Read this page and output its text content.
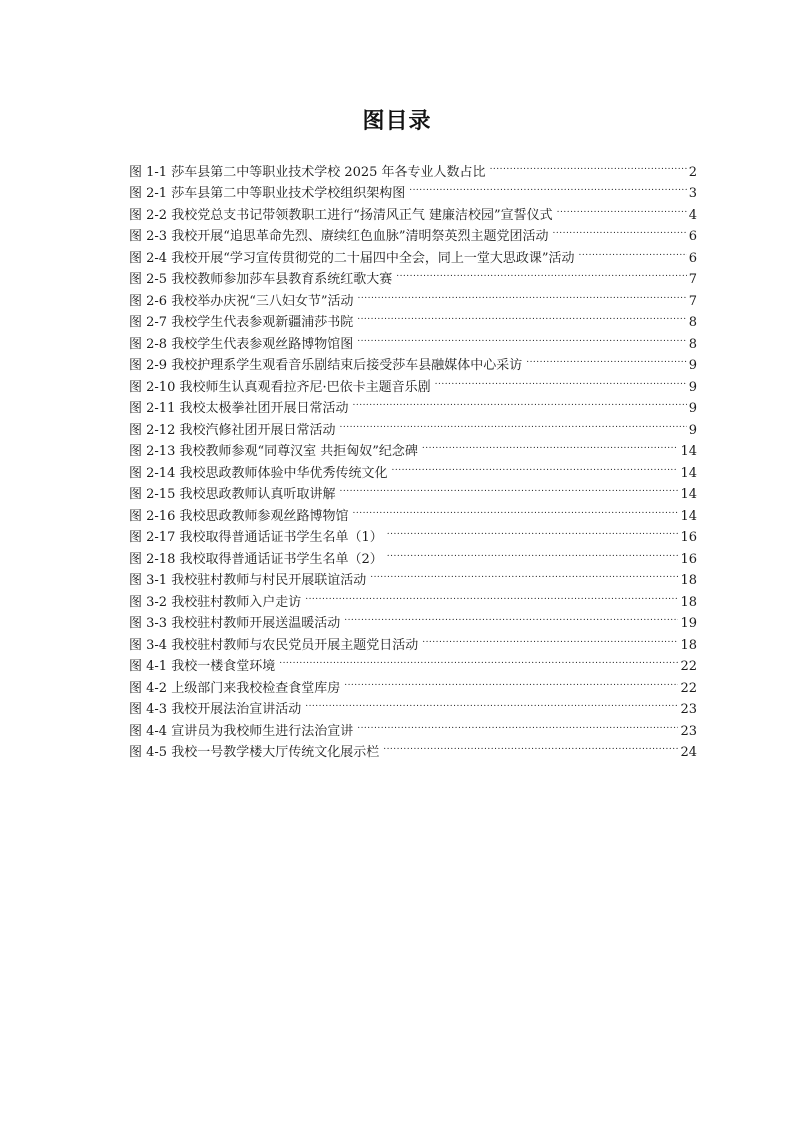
图目录
图 1-1 莎车县第二中等职业技术学校 2025 年各专业人数占比 .....	2
图 2-1 莎车县第二中等职业技术学校组织架构图 .....	3
图 2-2 我校党总支书记带领教职工进行“扬清风正气 建廉洁校园”宣誓仪式 .....	4
图 2-3 我校开展“追思革命先烈、赓续红色血脉”清明祭英烈主题党团活动 .....	6
图 2-4 我校开展“学习宣传贯彻党的二十届四中全会，同上一堂大思政课”活动 .....	6
图 2-5 我校教师参加莎车县教育系统红歌大赛 .....	7
图 2-6 我校举办庆祝“三八妇女节”活动 .....	7
图 2-7 我校学生代表参观新疆浦莎书院 .....	8
图 2-8 我校学生代表参观丝路博物馆图 .....	8
图 2-9 我校护理系学生观看音乐剧结束后接受莎车县融媒体中心采访 .....	9
图 2-10 我校师生认真观看拉齐尼·巴依卡主题音乐剧 .....	9
图 2-11 我校太极拳社团开展日常活动 .....	9
图 2-12 我校汽修社团开展日常活动 .....	9
图 2-13 我校教师参观“同尊汉室 共拒匈奴”纪念碑 .....	14
图 2-14 我校思政教师体验中华优秀传统文化 .....	14
图 2-15 我校思政教师认真听取讲解 .....	14
图 2-16 我校思政教师参观丝路博物馆 .....	14
图 2-17 我校取得普通话证书学生名单（1） .....	16
图 2-18 我校取得普通话证书学生名单（2） .....	16
图 3-1 我校驻村教师与村民开展联谊活动 .....	18
图 3-2 我校驻村教师入户走访 .....	18
图 3-3 我校驻村教师开展送温暖活动 .....	19
图 3-4 我校驻村教师与农民党员开展主题党日活动 .....	18
图 4-1 我校一楼食堂环境 .....	22
图 4-2 上级部门来我校检查食堂库房 .....	22
图 4-3 我校开展法治宣讲活动 .....	23
图 4-4 宣讲员为我校师生进行法治宣讲 .....	23
图 4-5 我校一号教学楼大厅传统文化展示栏 .....	24
